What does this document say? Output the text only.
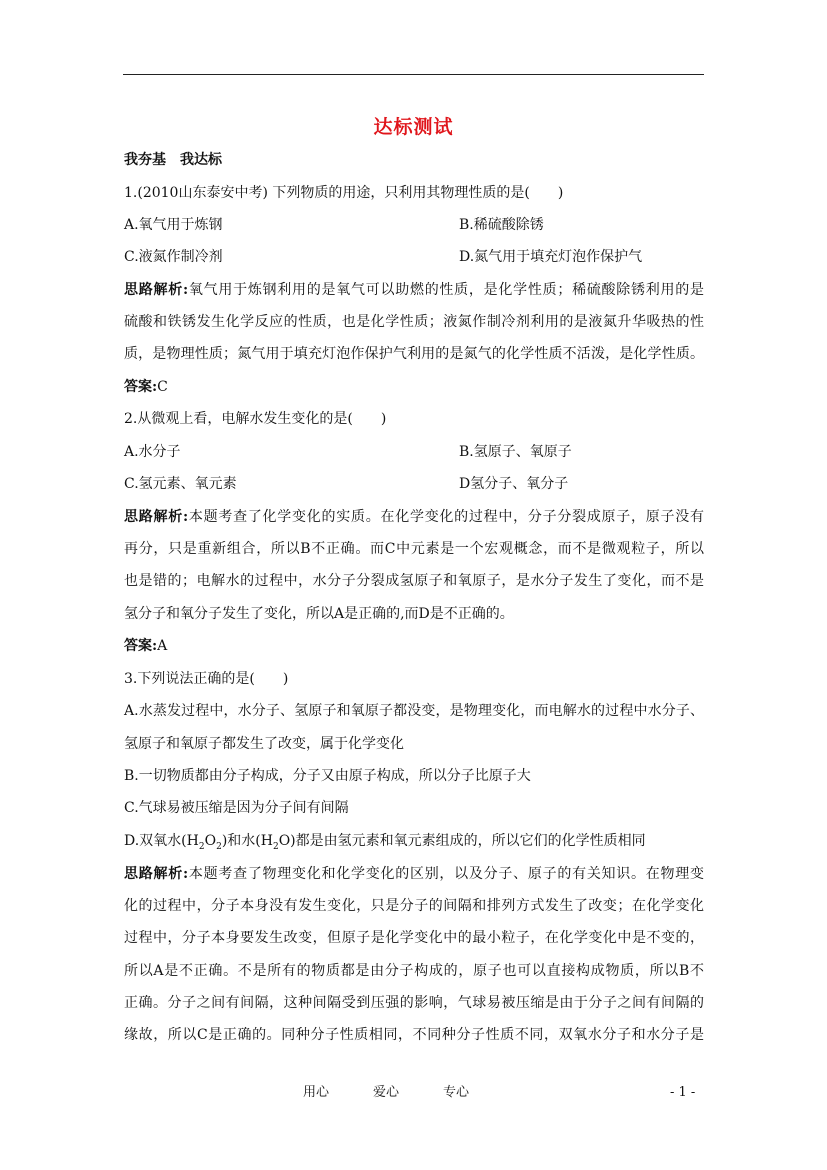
达标测试
我夯基　我达标
1.(2010山东泰安中考) 下列物质的用途，只利用其物理性质的是(　　)
A.氧气用于炼钢	B.稀硫酸除锈
C.液氮作制冷剂	D.氮气用于填充灯泡作保护气
思路解析:氧气用于炼钢利用的是氧气可以助燃的性质，是化学性质；稀硫酸除锈利用的是
硫酸和铁锈发生化学反应的性质，也是化学性质；液氮作制冷剂利用的是液氮升华吸热的性
质，是物理性质；氮气用于填充灯泡作保护气利用的是氮气的化学性质不活泼，是化学性质。
答案:C
2.从微观上看，电解水发生变化的是(　　)
A.水分子	B.氢原子、氧原子
C.氢元素、氧元素	D氢分子、氧分子
思路解析:本题考查了化学变化的实质。在化学变化的过程中，分子分裂成原子，原子没有
再分，只是重新组合，所以B不正确。而C中元素是一个宏观概念，而不是微观粒子，所以
也是错的；电解水的过程中，水分子分裂成氢原子和氧原子，是水分子发生了变化，而不是
氢分子和氧分子发生了变化，所以A是正确的,而D是不正确的。
答案:A
3.下列说法正确的是(　　)
A.水蒸发过程中，水分子、氢原子和氧原子都没变，是物理变化，而电解水的过程中水分子、
氢原子和氧原子都发生了改变，属于化学变化
B.一切物质都由分子构成，分子又由原子构成，所以分子比原子大
C.气球易被压缩是因为分子间有间隔
D.双氧水$(H_2O_2)$和水$(H_2O)$都是由氢元素和氧元素组成的，所以它们的化学性质相同
思路解析:本题考查了物理变化和化学变化的区别，以及分子、原子的有关知识。在物理变
化的过程中，分子本身没有发生变化，只是分子的间隔和排列方式发生了改变；在化学变化
过程中，分子本身要发生改变，但原子是化学变化中的最小粒子，在化学变化中是不变的，
所以A是不正确。不是所有的物质都是由分子构成的，原子也可以直接构成物质，所以B不
正确。分子之间有间隔，这种间隔受到压强的影响，气球易被压缩是由于分子之间有间隔的
缘故，所以C是正确的。同种分子性质相同，不同种分子性质不同，双氧水分子和水分子是
用心	爱心	专心	- 1 -
